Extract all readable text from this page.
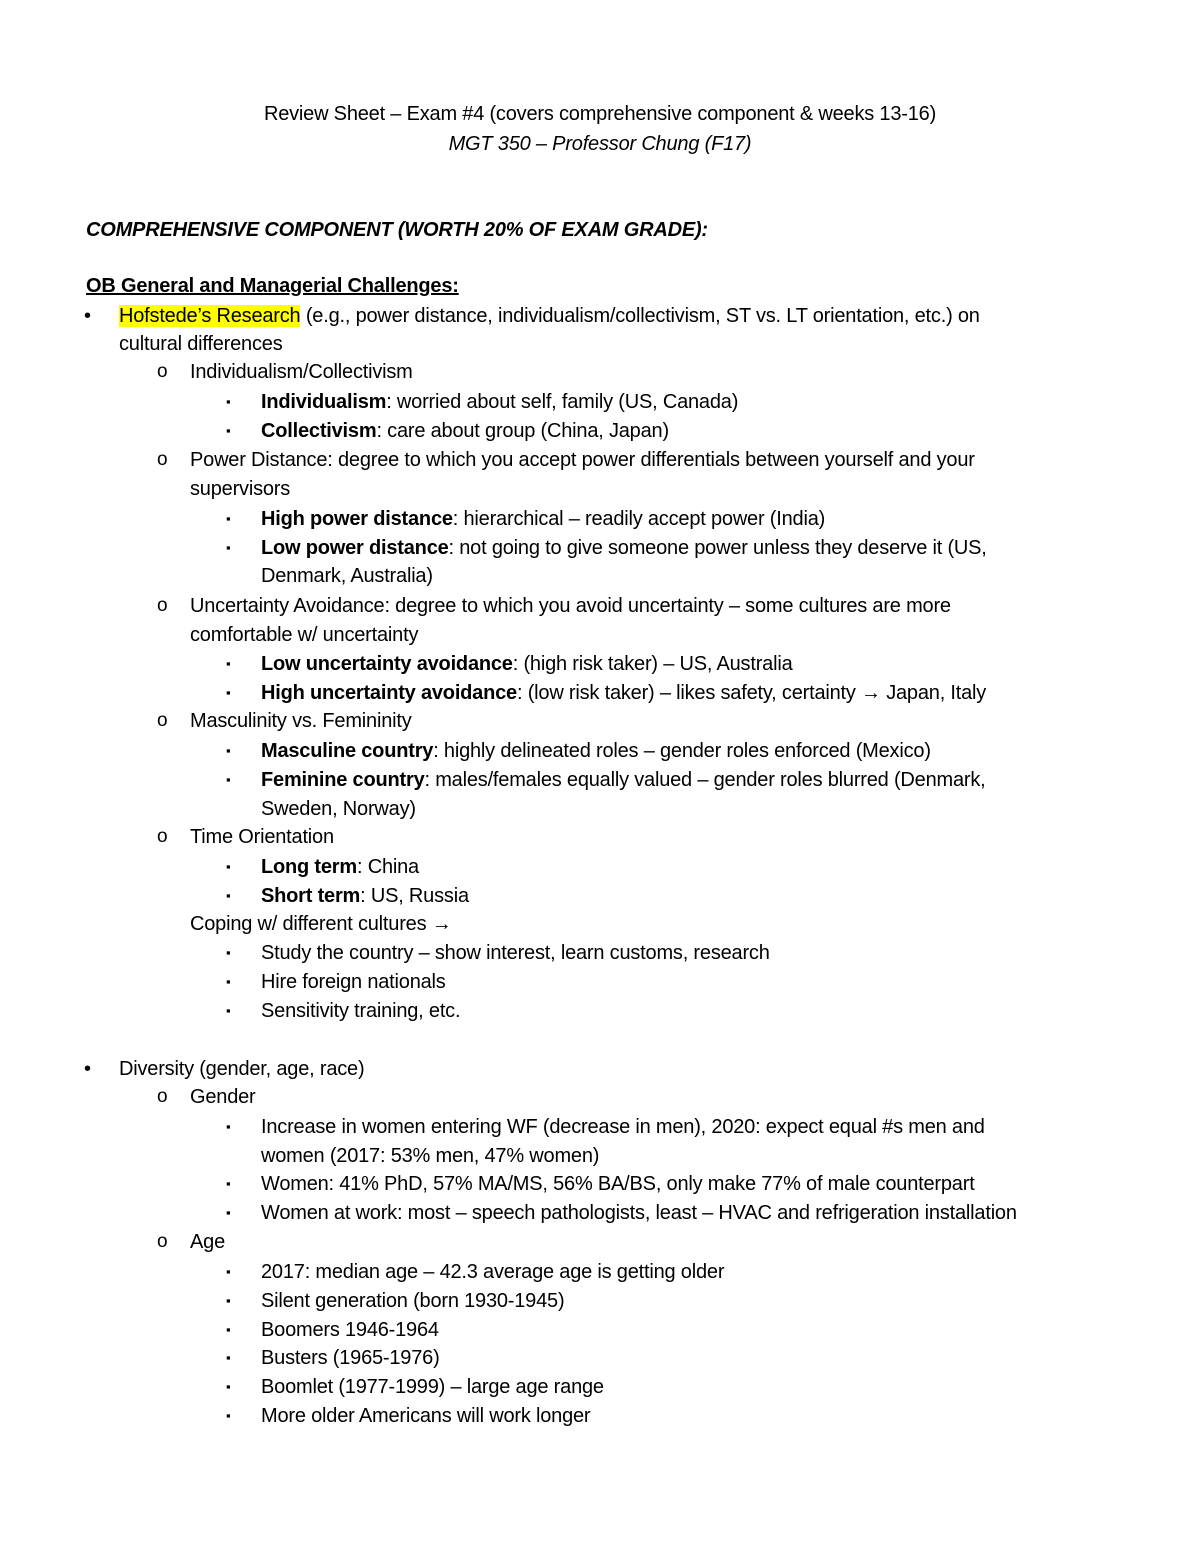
Review Sheet – Exam #4 (covers comprehensive component & weeks 13-16)
MGT 350 – Professor Chung (F17)
COMPREHENSIVE COMPONENT (WORTH 20% OF EXAM GRADE):
OB General and Managerial Challenges:
• Hofstede’s Research (e.g., power distance, individualism/collectivism, ST vs. LT orientation, etc.) on
cultural differences
o Individualism/Collectivism
▪ Individualism: worried about self, family (US, Canada)
▪ Collectivism: care about group (China, Japan)
o Power Distance: degree to which you accept power differentials between yourself and your
supervisors
▪ High power distance: hierarchical – readily accept power (India)
▪ Low power distance: not going to give someone power unless they deserve it (US,
Denmark, Australia)
o Uncertainty Avoidance: degree to which you avoid uncertainty – some cultures are more
comfortable w/ uncertainty
▪ Low uncertainty avoidance: (high risk taker) – US, Australia
▪ High uncertainty avoidance: (low risk taker) – likes safety, certainty → Japan, Italy
o Masculinity vs. Femininity
▪ Masculine country: highly delineated roles – gender roles enforced (Mexico)
▪ Feminine country: males/females equally valued – gender roles blurred (Denmark,
Sweden, Norway)
o Time Orientation
▪ Long term: China
▪ Short term: US, Russia
Coping w/ different cultures →
▪ Study the country – show interest, learn customs, research
▪ Hire foreign nationals
▪ Sensitivity training, etc.
• Diversity (gender, age, race)
o Gender
▪ Increase in women entering WF (decrease in men), 2020: expect equal #s men and
women (2017: 53% men, 47% women)
▪ Women: 41% PhD, 57% MA/MS, 56% BA/BS, only make 77% of male counterpart
▪ Women at work: most – speech pathologists, least – HVAC and refrigeration installation
o Age
▪ 2017: median age – 42.3 average age is getting older
▪ Silent generation (born 1930-1945)
▪ Boomers 1946-1964
▪ Busters (1965-1976)
▪ Boomlet (1977-1999) – large age range
▪ More older Americans will work longer
